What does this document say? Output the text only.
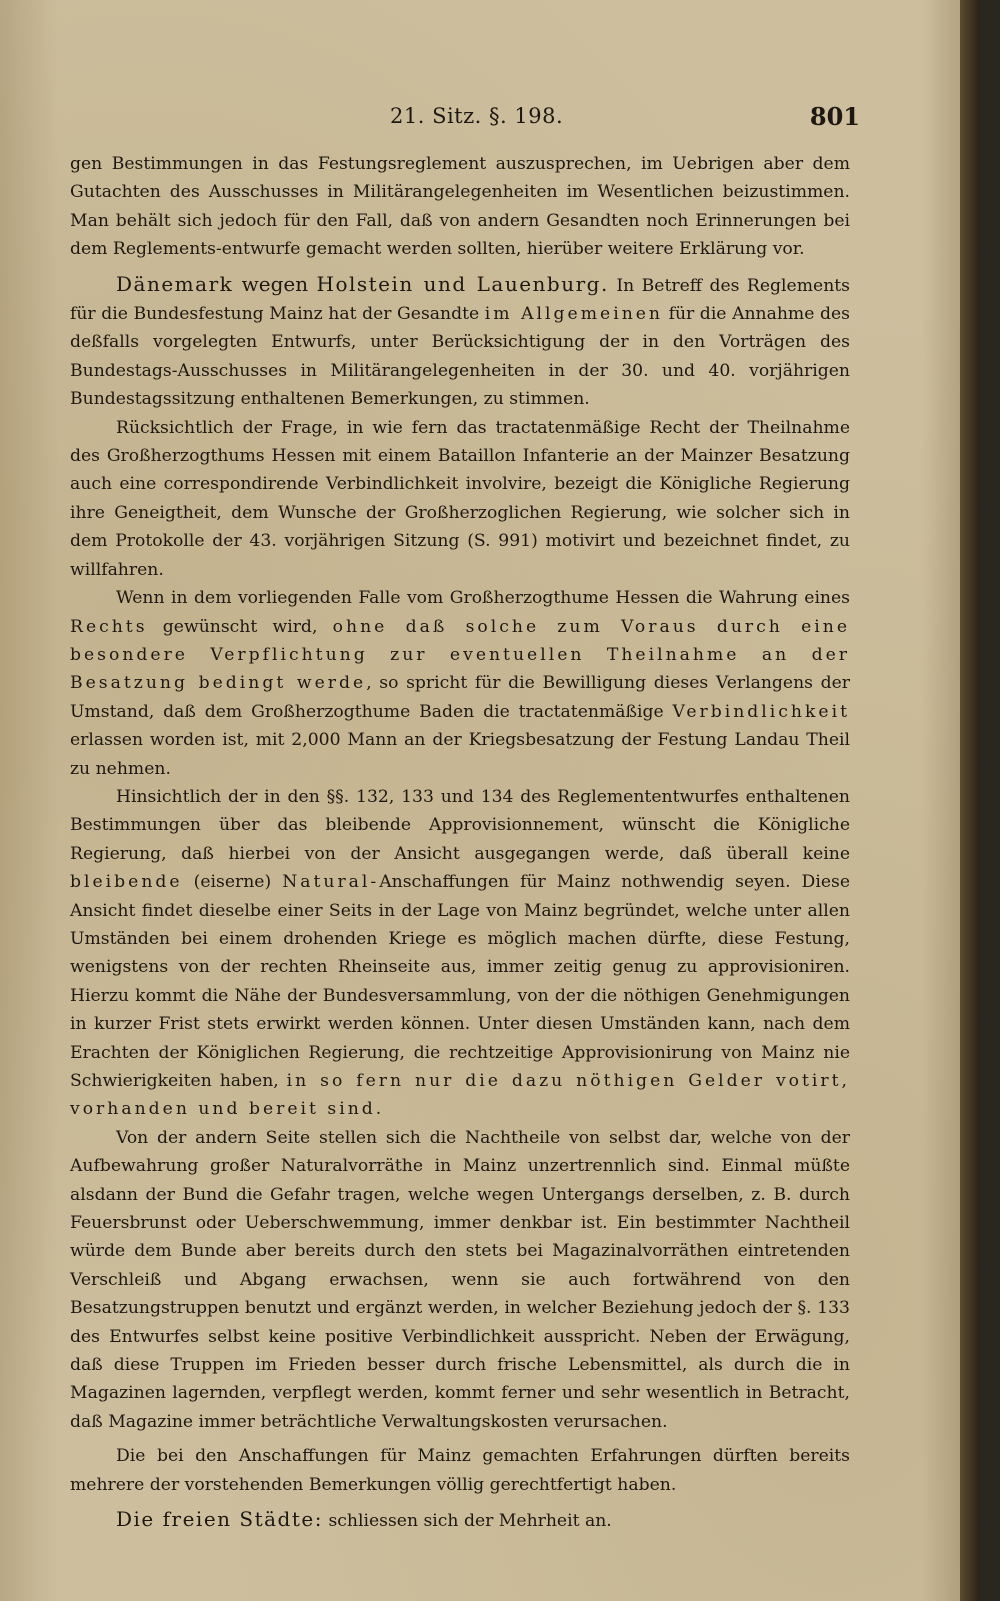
21. Sitz. §. 198.	801

gen Bestimmungen in das Festungsreglement auszusprechen, im Uebrigen aber dem Gutachten des Ausschusses in Militärangelegenheiten im Wesentlichen beizustimmen. Man behält sich jedoch für den Fall, daß von andern Gesandten noch Erinnerungen bei dem Reglements-entwurfe gemacht werden sollten, hierüber weitere Erklärung vor.

Dänemark wegen Holstein und Lauenburg. In Betreff des Reglements für die Bundesfestung Mainz hat der Gesandte im Allgemeinen für die Annahme des deßfalls vorgelegten Entwurfs, unter Berücksichtigung der in den Vorträgen des Bundestags-Ausschusses in Militärangelegenheiten in der 30. und 40. vorjährigen Bundestagssitzung enthaltenen Bemerkungen, zu stimmen.

Rücksichtlich der Frage, in wie fern das tractatenmäßige Recht der Theilnahme des Großherzogthums Hessen mit einem Bataillon Infanterie an der Mainzer Besatzung auch eine correspondirende Verbindlichkeit involvire, bezeigt die Königliche Regierung ihre Geneigtheit, dem Wunsche der Großherzoglichen Regierung, wie solcher sich in dem Protokolle der 43. vorjährigen Sitzung (S. 991) motivirt und bezeichnet findet, zu willfahren.

Wenn in dem vorliegenden Falle vom Großherzogthume Hessen die Wahrung eines Rechts gewünscht wird, ohne daß solche zum Voraus durch eine besondere Verpflichtung zur eventuellen Theilnahme an der Besatzung bedingt werde, so spricht für die Bewilligung dieses Verlangens der Umstand, daß dem Großherzogthume Baden die tractatenmäßige Verbindlichkeit erlassen worden ist, mit 2,000 Mann an der Kriegsbesatzung der Festung Landau Theil zu nehmen.

Hinsichtlich der in den §§. 132, 133 und 134 des Reglemententwurfes enthaltenen Bestimmungen über das bleibende Approvisionnement, wünscht die Königliche Regierung, daß hierbei von der Ansicht ausgegangen werde, daß überall keine bleibende (eiserne) Natural-Anschaffungen für Mainz nothwendig seyen. Diese Ansicht findet dieselbe einer Seits in der Lage von Mainz begründet, welche unter allen Umständen bei einem drohenden Kriege es möglich machen dürfte, diese Festung, wenigstens von der rechten Rheinseite aus, immer zeitig genug zu approvisioniren. Hierzu kommt die Nähe der Bundesversammlung, von der die nöthigen Genehmigungen in kurzer Frist stets erwirkt werden können. Unter diesen Umständen kann, nach dem Erachten der Königlichen Regierung, die rechtzeitige Approvisionirung von Mainz nie Schwierigkeiten haben, in so fern nur die dazu nöthigen Gelder votirt, vorhanden und bereit sind.

Von der andern Seite stellen sich die Nachtheile von selbst dar, welche von der Aufbewahrung großer Naturalvorräthe in Mainz unzertrennlich sind. Einmal müßte alsdann der Bund die Gefahr tragen, welche wegen Untergangs derselben, z. B. durch Feuersbrunst oder Ueberschwemmung, immer denkbar ist. Ein bestimmter Nachtheil würde dem Bunde aber bereits durch den stets bei Magazinalvorräthen eintretenden Verschleiß und Abgang erwachsen, wenn sie auch fortwährend von den Besatzungstruppen benutzt und ergänzt werden, in welcher Beziehung jedoch der §. 133 des Entwurfes selbst keine positive Verbindlichkeit ausspricht. Neben der Erwägung, daß diese Truppen im Frieden besser durch frische Lebensmittel, als durch die in Magazinen lagernden, verpflegt werden, kommt ferner und sehr wesentlich in Betracht, daß Magazine immer beträchtliche Verwaltungskosten verursachen.

Die bei den Anschaffungen für Mainz gemachten Erfahrungen dürften bereits mehrere der vorstehenden Bemerkungen völlig gerechtfertigt haben.

Die freien Städte: schliessen sich der Mehrheit an.
